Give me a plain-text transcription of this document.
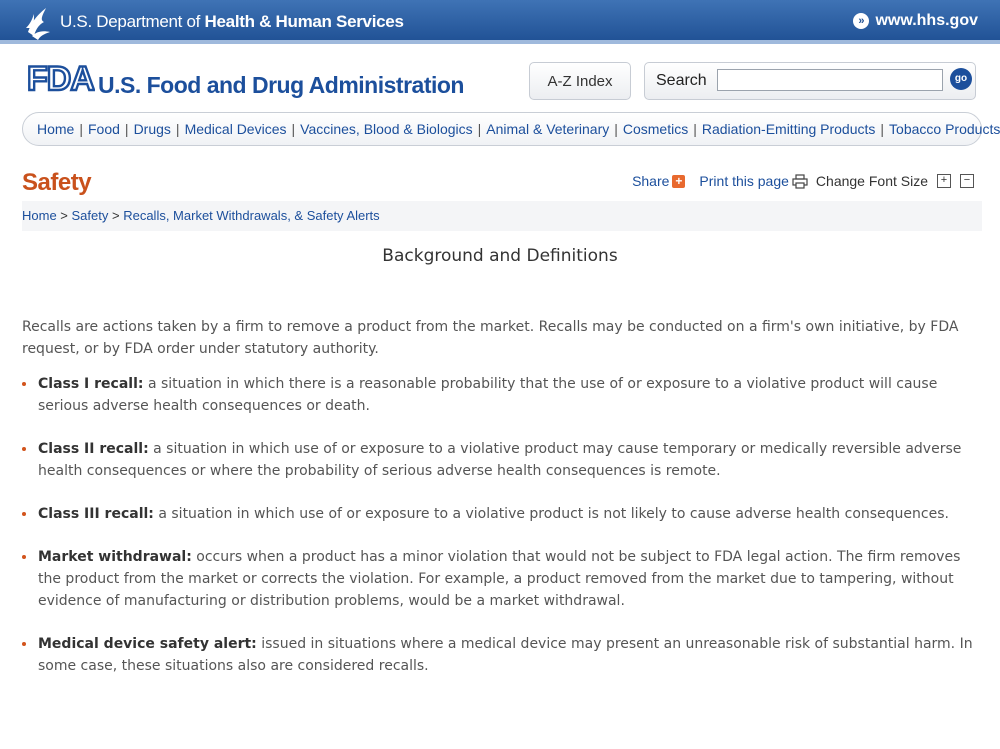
U.S. Department of Health & Human Services	» www.hhs.gov
FDA U.S. Food and Drug Administration	A-Z Index	Search	go
Home | Food | Drugs | Medical Devices | Vaccines, Blood & Biologics | Animal & Veterinary | Cosmetics | Radiation-Emitting Products | Tobacco Products
Safety	Share + Print this page Change Font Size	+	−
Home > Safety > Recalls, Market Withdrawals, & Safety Alerts
Background and Definitions

Recalls are actions taken by a firm to remove a product from the market. Recalls may be conducted on a firm's own initiative, by FDA request, or by FDA order under statutory authority.

Class I recall: a situation in which there is a reasonable probability that the use of or exposure to a violative product will cause serious adverse health consequences or death.
Class II recall: a situation in which use of or exposure to a violative product may cause temporary or medically reversible adverse health consequences or where the probability of serious adverse health consequences is remote.
Class III recall: a situation in which use of or exposure to a violative product is not likely to cause adverse health consequences.
Market withdrawal: occurs when a product has a minor violation that would not be subject to FDA legal action. The firm removes the product from the market or corrects the violation. For example, a product removed from the market due to tampering, without evidence of manufacturing or distribution problems, would be a market withdrawal.
Medical device safety alert: issued in situations where a medical device may present an unreasonable risk of substantial harm. In some case, these situations also are considered recalls.
